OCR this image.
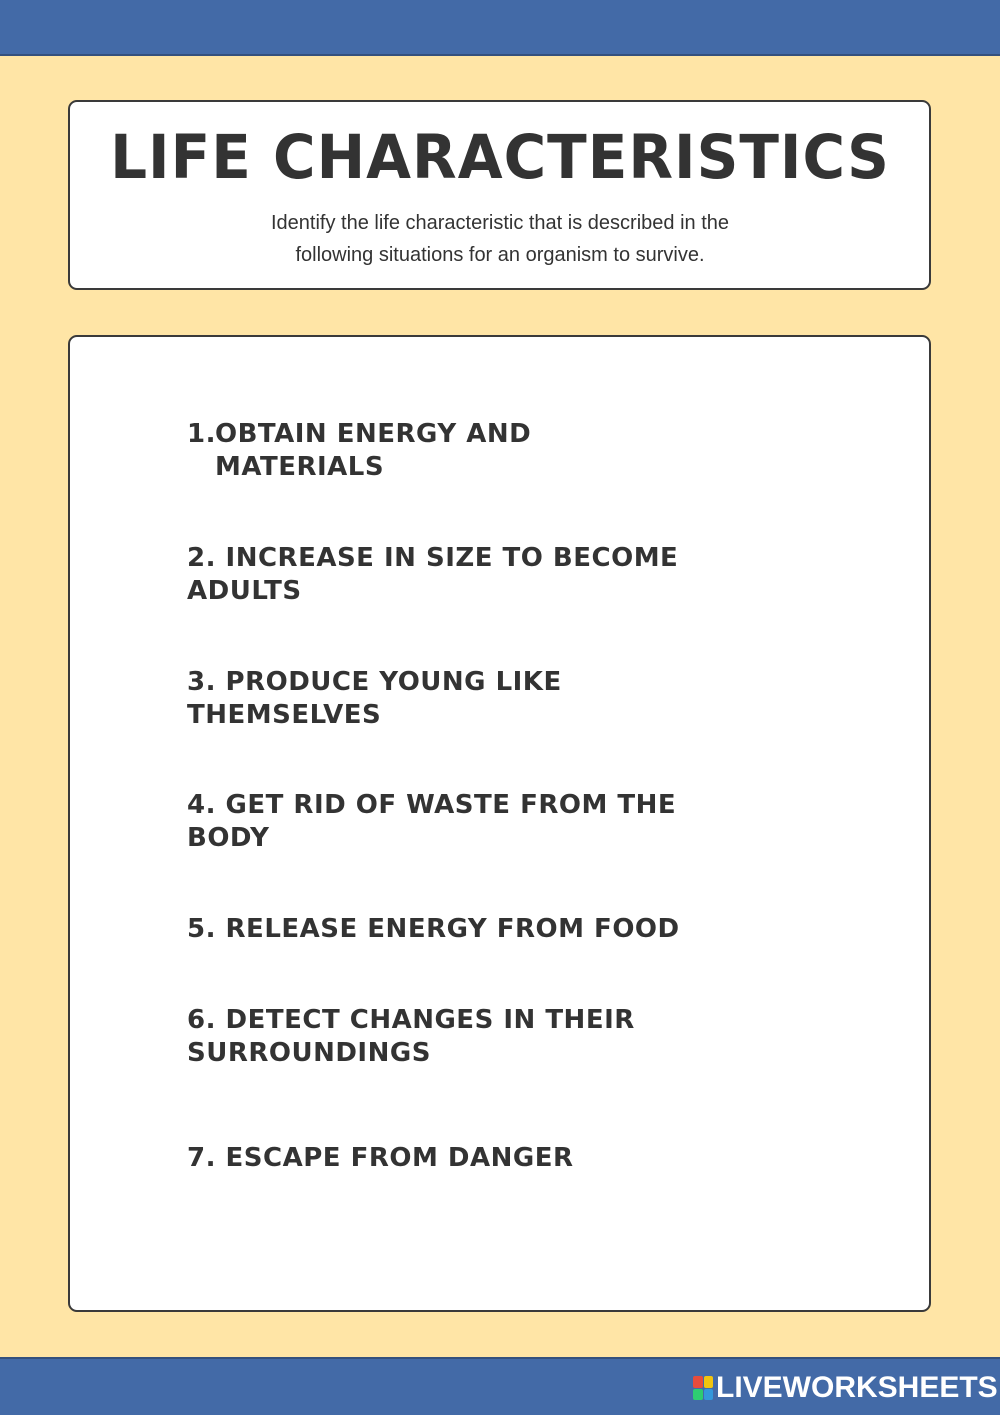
LIFE CHARACTERISTICS
Identify the life characteristic that is described in the
following situations for an organism to survive.
1. OBTAIN ENERGY AND
MATERIALS
2. INCREASE IN SIZE TO BECOME
ADULTS
3. PRODUCE YOUNG LIKE
THEMSELVES
4. GET RID OF WASTE FROM THE
BODY
5. RELEASE ENERGY FROM FOOD
6. DETECT CHANGES IN THEIR
SURROUNDINGS
7. ESCAPE FROM DANGER
LIVEWORKSHEETS
